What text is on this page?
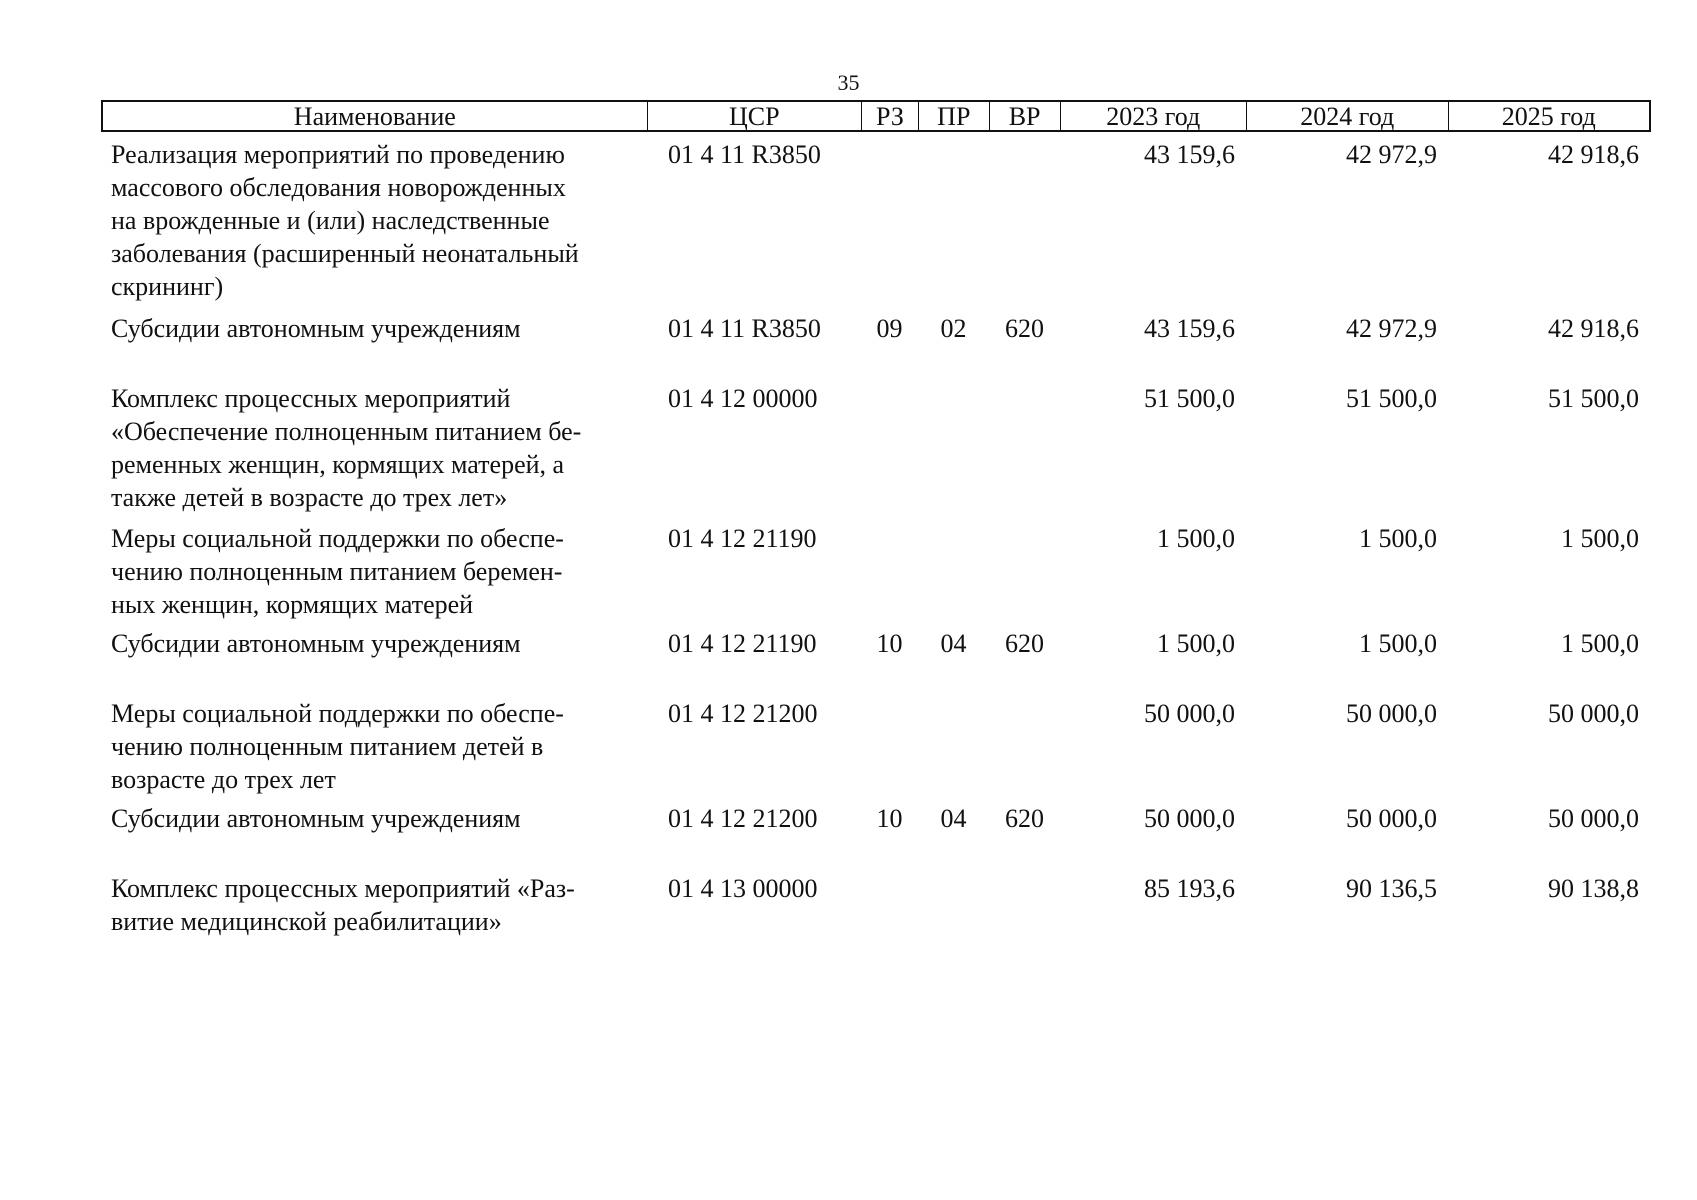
35
Наименование	ЦСР	РЗ	ПР	ВР	2023 год	2024 год	2025 год
Реализация мероприятий по проведению
массового обследования новорожденных
на врожденные и (или) наследственные
заболевания (расширенный неонатальный
скрининг)
01 4 11 R3850	43 159,6	42 972,9	42 918,6
Субсидии автономным учреждениям	01 4 11 R3850	09	02	620	43 159,6	42 972,9	42 918,6
Комплекс процессных мероприятий
«Обеспечение полноценным питанием бе-
ременных женщин, кормящих матерей, а
также детей в возрасте до трех лет»
01 4 12 00000	51 500,0	51 500,0	51 500,0
Меры социальной поддержки по обеспе-
чению полноценным питанием беремен-
ных женщин, кормящих матерей
01 4 12 21190	1 500,0	1 500,0	1 500,0
Субсидии автономным учреждениям	01 4 12 21190	10	04	620	1 500,0	1 500,0	1 500,0
Меры социальной поддержки по обеспе-
чению полноценным питанием детей в
возрасте до трех лет
01 4 12 21200	50 000,0	50 000,0	50 000,0
Субсидии автономным учреждениям	01 4 12 21200	10	04	620	50 000,0	50 000,0	50 000,0
Комплекс процессных мероприятий «Раз-
витие медицинской реабилитации»
01 4 13 00000	85 193,6	90 136,5	90 138,8
